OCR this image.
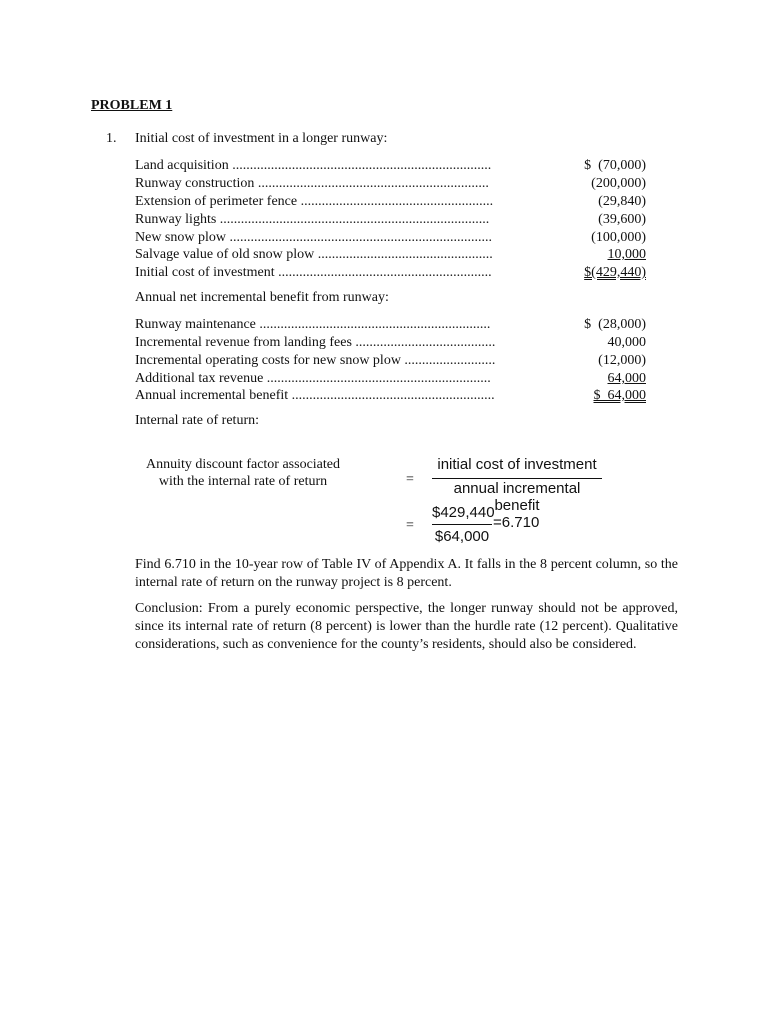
PROBLEM 1
1. Initial cost of investment in a longer runway:
Land acquisition ..........................................................................	$  (70,000)
Runway construction ..................................................................	(200,000)
Extension of perimeter fence .......................................................	(29,840)
Runway lights .............................................................................	(39,600)
New snow plow ...........................................................................	(100,000)
Salvage value of old snow plow ..................................................	10,000
Initial cost of investment .............................................................	$(429,440)
Annual net incremental benefit from runway:
Runway maintenance ..................................................................	$  (28,000)
Incremental revenue from landing fees ........................................	40,000
Incremental operating costs for new snow plow ..........................	(12,000)
Additional tax revenue ................................................................	64,000
Annual incremental benefit ..........................................................	$  64,000
Internal rate of return:
Annuity discount factor associated
with the internal rate of return	=
initial cost of investment
annual incremental benefit
=
$429,440
$64,000
=6.710
Find 6.710 in the 10-year row of Table IV of Appendix A. It falls in the 8 percent column, so the internal rate of return on the runway project is 8 percent.
Conclusion: From a purely economic perspective, the longer runway should not be approved, since its internal rate of return (8 percent) is lower than the hurdle rate (12 percent). Qualitative considerations, such as convenience for the county’s residents, should also be considered.
